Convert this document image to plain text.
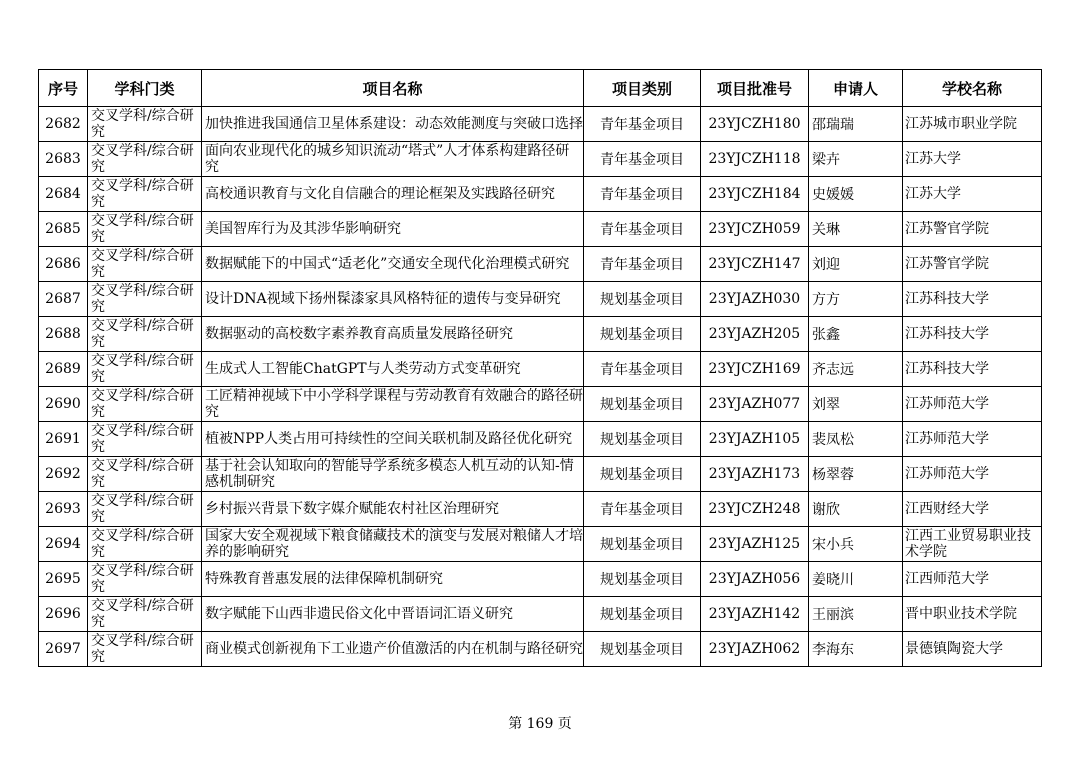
序号	学科门类	项目名称	项目类别	项目批准号	申请人	学校名称

2682	交叉学科/综合研究	加快推进我国通信卫星体系建设：动态效能测度与突破口选择	青年基金项目	23YJCZH180	邵瑞瑞	江苏城市职业学院

2683	交叉学科/综合研究	面向农业现代化的城乡知识流动“塔式”人才体系构建路径研究	青年基金项目	23YJCZH118	梁卉	江苏大学

2684	交叉学科/综合研究	高校通识教育与文化自信融合的理论框架及实践路径研究	青年基金项目	23YJCZH184	史媛媛	江苏大学

2685	交叉学科/综合研究	美国智库行为及其涉华影响研究	青年基金项目	23YJCZH059	关琳	江苏警官学院

2686	交叉学科/综合研究	数据赋能下的中国式“适老化”交通安全现代化治理模式研究	青年基金项目	23YJCZH147	刘迎	江苏警官学院

2687	交叉学科/综合研究	设计DNA视域下扬州髹漆家具风格特征的遗传与变异研究	规划基金项目	23YJAZH030	方方	江苏科技大学

2688	交叉学科/综合研究	数据驱动的高校数字素养教育高质量发展路径研究	规划基金项目	23YJAZH205	张鑫	江苏科技大学

2689	交叉学科/综合研究	生成式人工智能ChatGPT与人类劳动方式变革研究	青年基金项目	23YJCZH169	齐志远	江苏科技大学

2690	交叉学科/综合研究	工匠精神视域下中小学科学课程与劳动教育有效融合的路径研究	规划基金项目	23YJAZH077	刘翠	江苏师范大学

2691	交叉学科/综合研究	植被NPP人类占用可持续性的空间关联机制及路径优化研究	规划基金项目	23YJAZH105	裴凤松	江苏师范大学

2692	交叉学科/综合研究	基于社会认知取向的智能导学系统多模态人机互动的认知-情感机制研究	规划基金项目	23YJAZH173	杨翠蓉	江苏师范大学

2693	交叉学科/综合研究	乡村振兴背景下数字媒介赋能农村社区治理研究	青年基金项目	23YJCZH248	谢欣	江西财经大学

2694	交叉学科/综合研究	国家大安全观视域下粮食储藏技术的演变与发展对粮储人才培养的影响研究	规划基金项目	23YJAZH125	宋小兵	江西工业贸易职业技术学院

2695	交叉学科/综合研究	特殊教育普惠发展的法律保障机制研究	规划基金项目	23YJAZH056	姜晓川	江西师范大学

2696	交叉学科/综合研究	数字赋能下山西非遗民俗文化中晋语词汇语义研究	规划基金项目	23YJAZH142	王丽滨	晋中职业技术学院

2697	交叉学科/综合研究	商业模式创新视角下工业遗产价值激活的内在机制与路径研究	规划基金项目	23YJAZH062	李海东	景德镇陶瓷大学
第 169 页
